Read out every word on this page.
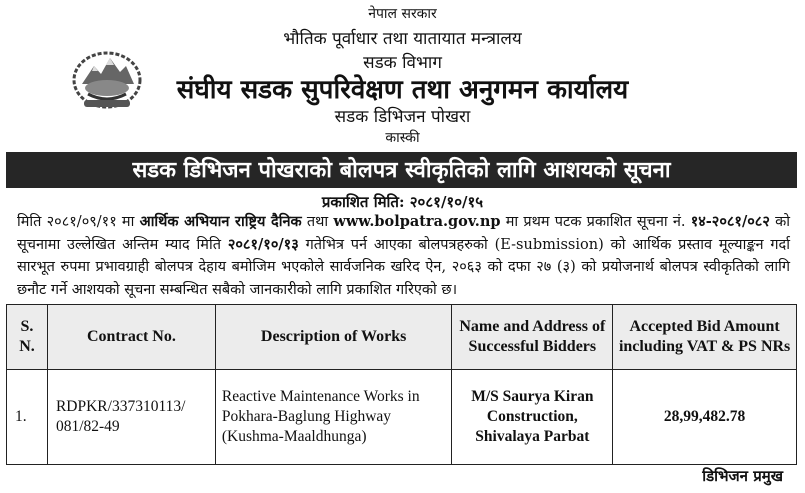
नेपाल सरकार
भौतिक पूर्वाधार तथा यातायात मन्त्रालय
सडक विभाग
संघीय सडक सुपरिवेक्षण तथा अनुगमन कार्यालय
सडक डिभिजन पोखरा
कास्की
सडक डिभिजन पोखराको बोलपत्र स्वीकृतिको लागि आशयको सूचना
प्रकाशित मिति: २०८१/१०/१५
मिति २०८१/०९/११ मा आर्थिक अभियान राष्ट्रिय दैनिक तथा www.bolpatra.gov.np मा प्रथम पटक प्रकाशित सूचना नं. १४-२०८१/०८२ को सूचनामा उल्लेखित अन्तिम म्याद मिति २०८१/१०/१३ गतेभित्र पर्न आएका बोलपत्रहरुको (E-submission) को आर्थिक प्रस्ताव मूल्याङ्कन गर्दा सारभूत रुपमा प्रभावग्राही बोलपत्र देहाय बमोजिम भएकोले सार्वजनिक खरिद ऐन, २०६३ को दफा २७ (३) को प्रयोजनार्थ बोलपत्र स्वीकृतिको लागि छनौट गर्ने आशयको सूचना सम्बन्धित सबैको जानकारीको लागि प्रकाशित गरिएको छ।
S. N.	Contract No.	Description of Works	Name and Address of Successful Bidders	Accepted Bid Amount including VAT & PS NRs
1.	RDPKR/337310113/ 081/82-49	Reactive Maintenance Works in Pokhara-Baglung Highway (Kushma-Maaldhunga)	M/S Saurya Kiran Construction, Shivalaya Parbat	28,99,482.78
डिभिजन प्रमुख
